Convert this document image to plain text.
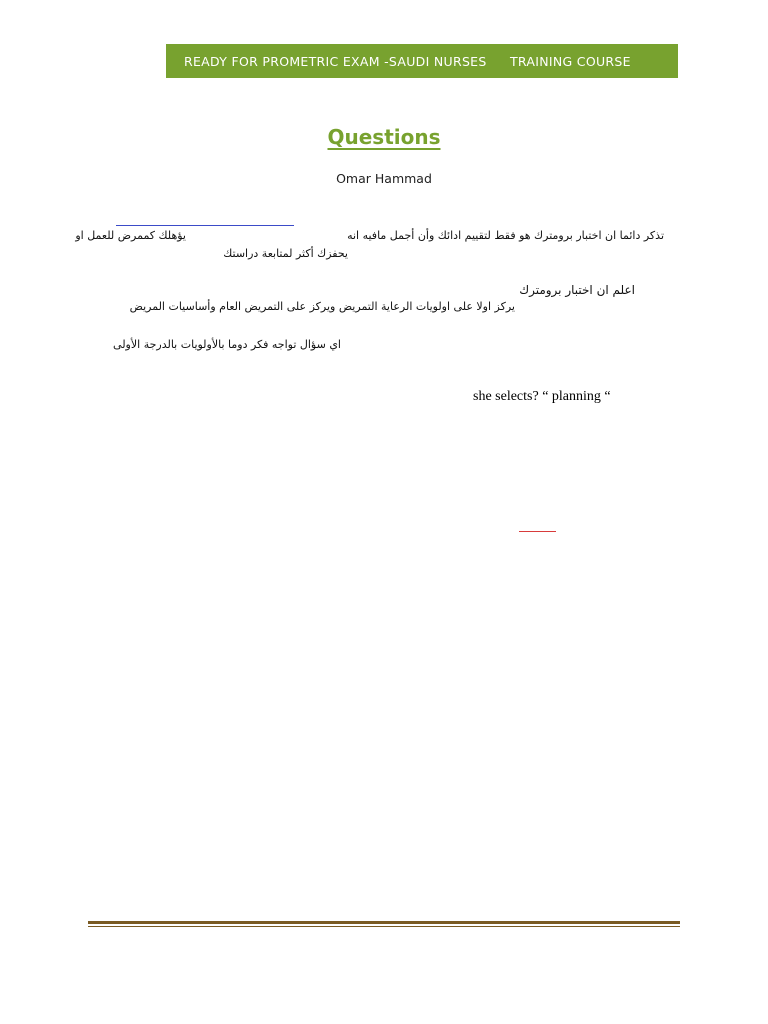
READY FOR PROMETRIC EXAM -SAUDI NURSES TRAINING COURSE
Questions
Omar Hammad
تذكر دائما ان اختبار برومترك هو فقط لتقييم ادائك وأن أجمل مافيه انه
يؤهلك كممرض للعمل او
يحفزك أكثر لمتابعة دراستك
اعلم ان اختبار برومترك
يركز اولا على اولويات الرعاية التمريض ويركز على التمريض العام وأساسيات المريض
اي سؤال تواجه فكر دوما بالأولويات بالدرجة الأولى
she selects? “ planning “
